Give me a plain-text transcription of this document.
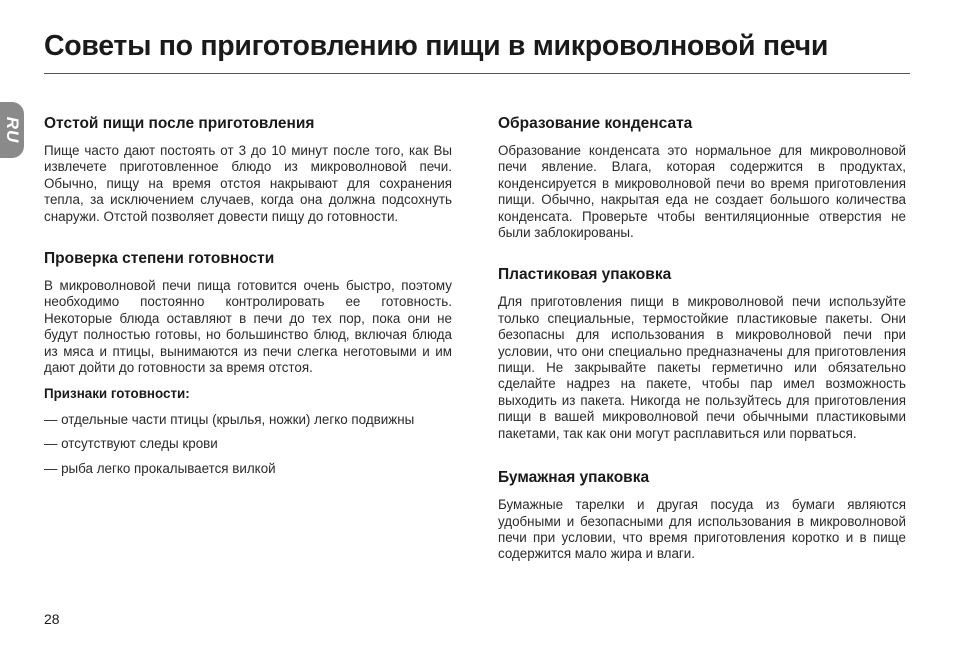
Советы по приготовлению пищи в микроволновой печи
RU Отстой пищи после приготовления

Пище часто дают постоять от 3 до 10 минут после того, как Вы извлечете приготовленное блюдо из микроволновой печи. Обычно, пищу на время отстоя накрывают для сохранения тепла, за исключением случаев, когда она должна подсохнуть снаружи. Отстой позволяет довести пищу до готовности.

Проверка степени готовности

В микроволновой печи пища готовится очень быстро, поэтому необходимо постоянно контролировать ее готовность. Некоторые блюда оставляют в печи до тех пор, пока они не будут полностью готовы, но большинство блюд, включая блюда из мяса и птицы, вынимаются из печи слегка неготовыми и им дают дойти до готовности за время отстоя.

Признаки готовности:
— отдельные части птицы (крылья, ножки) легко подвижны
— отсутствуют следы крови
— рыба легко прокалывается вилкой
Образование конденсата

Образование конденсата это нормальное для микроволновой печи явление. Влага, которая содержится в продуктах, конденсируется в микроволновой печи во время приготовления пищи. Обычно, накрытая еда не создает большого количества конденсата. Проверьте чтобы вентиляционные отверстия не были заблокированы.

Пластиковая упаковка

Для приготовления пищи в микроволновой печи используйте только специальные, термостойкие пластиковые пакеты. Они безопасны для использования в микроволновой печи при условии, что они специально предназначены для приготовления пищи. Не закрывайте пакеты герметично или обязательно сделайте надрез на пакете, чтобы пар имел возможность выходить из пакета. Никогда не пользуйтесь для приготовления пищи в вашей микроволновой печи обычными пластиковыми пакетами, так как они могут расплавиться или порваться.

Бумажная упаковка

Бумажные тарелки и другая посуда из бумаги являются удобными и безопасными для использования в микроволновой печи при условии, что время приготовления коротко и в пище содержится мало жира и влаги.

28
